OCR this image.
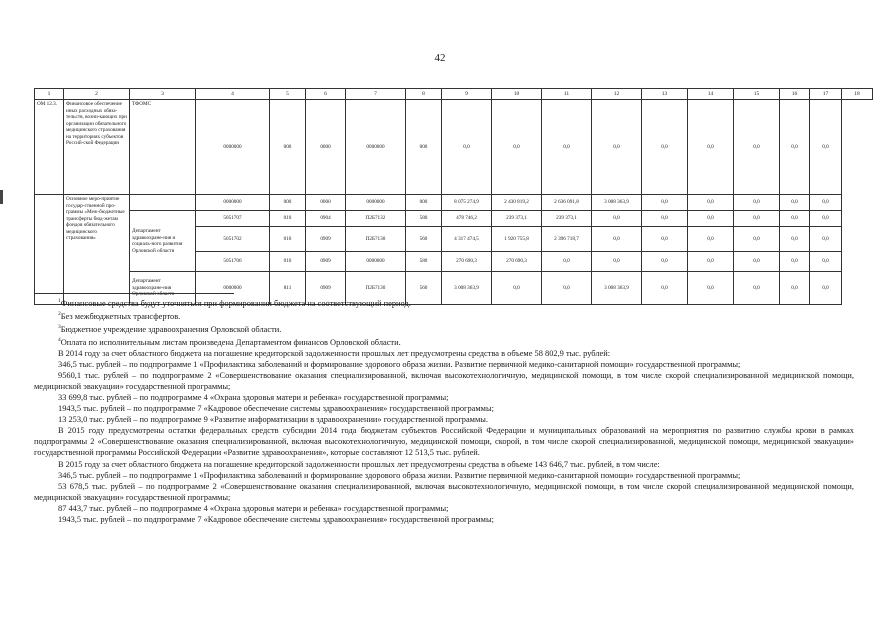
42
1	2	3	4	5	6	7	8	9	10	11	12	13	14	15	16	17	18
ОМ 12.3.	Финансовое обеспечение иных расходных обяза-тельств, возни-кающих при организации обязательного медицинского страхования на территориях субъектов Россий-ской Федерации	ТФОМС	0000000	000	0000	0000000	000	0,0	0,0	0,0	0,0	0,0	0,0	0,0	0,0	0,0	
	Основное меро-приятие государ-ственной про-граммы «Меж-бюджетные трансферты бюд-жетам фондов обязательного медицинского страхования»		0000000	000	0000	0000000	000	8 075 274,9	2 430 819,2	2 636 091,8	3 008 363,9	0,0	0,0	0,0	0,0	0,0	
		Департамент здравоохране-ния и социаль-ного развития Орловской области	5051707	010	0904	П2Б7132	580	478 746,2	239 373,1	239 373,1	0,0	0,0	0,0	0,0	0,0	0,0	
			5051702	010	0909	П2Б7130	560	4 317 474,5	1 920 755,8	2 396 718,7	0,0	0,0	0,0	0,0	0,0	0,0	
			5051706	010	0909	0000000	580	270 690,3	270 690,3	0,0	0,0	0,0	0,0	0,0	0,0	0,0	
		Департамент здравоохране-ния Орловской области	0000000	811	0909	П2Б7130	560	3 008 363,9	0,0	0,0	3 008 363,9	0,0	0,0	0,0	0,0	0,0	

$^1$Финансовые средства будут уточняться при формировании бюджета на соответствующий период.

$^2$Без межбюджетных трансфертов.

$^3$Бюджетное учреждение здравоохранения Орловской области.

$^4$Оплата по исполнительным листам произведена Департаментом финансов Орловской области.

В 2014 году за счет областного бюджета на погашение кредиторской задолженности прошлых лет предусмотрены средства в объеме 58 802,9 тыс. рублей:

346,5 тыс. рублей – по подпрограмме 1 «Профилактика заболеваний и формирование здорового образа жизни. Развитие первичной медико-санитарной помощи» государственной программы;

9560,1 тыс. рублей – по подпрограмме 2 «Совершенствование оказания специализированной, включая высокотехнологичную, медицинской помощи, в том числе скорой специализированной медицинской помощи, медицинской эвакуации» государственной программы;

33 699,8 тыс. рублей – по подпрограмме 4 «Охрана здоровья матери и ребенка» государственной программы;

1943,5 тыс. рублей – по подпрограмме 7 «Кадровое обеспечение системы здравоохранения» государственной программы;

13 253,0 тыс. рублей – по подпрограмме 9 «Развитие информатизации в здравоохранении» государственной программы.

В 2015 году предусмотрены остатки федеральных средств субсидии 2014 года бюджетам субъектов Российской Федерации и муниципальных образований на мероприятия по развитию службы крови в рамках подпрограммы 2 «Совершенствование оказания специализированной, включая высокотехнологичную, медицинской помощи, скорой, в том числе скорой специализированной, медицинской помощи, медицинской эвакуации» государственной программы Российской Федерации «Развитие здравоохранения», которые составляют 12 513,5 тыс. рублей.

В 2015 году за счет областного бюджета на погашение кредиторской задолженности прошлых лет предусмотрены средства в объеме 143 646,7 тыс. рублей, в том числе:

346,5 тыс. рублей – по подпрограмме 1 «Профилактика заболеваний и формирование здорового образа жизни. Развитие первичной медико-санитарной помощи» государственной программы;

53 678,5 тыс. рублей – по подпрограмме 2 «Совершенствование оказания специализированной, включая высокотехнологичную, медицинской помощи, в том числе скорой специализированной медицинской помощи, медицинской эвакуации» государственной программы;

87 443,7 тыс. рублей – по подпрограмме 4 «Охрана здоровья матери и ребенка» государственной программы;

1943,5 тыс. рублей – по подпрограмме 7 «Кадровое обеспечение системы здравоохранения» государственной программы;
